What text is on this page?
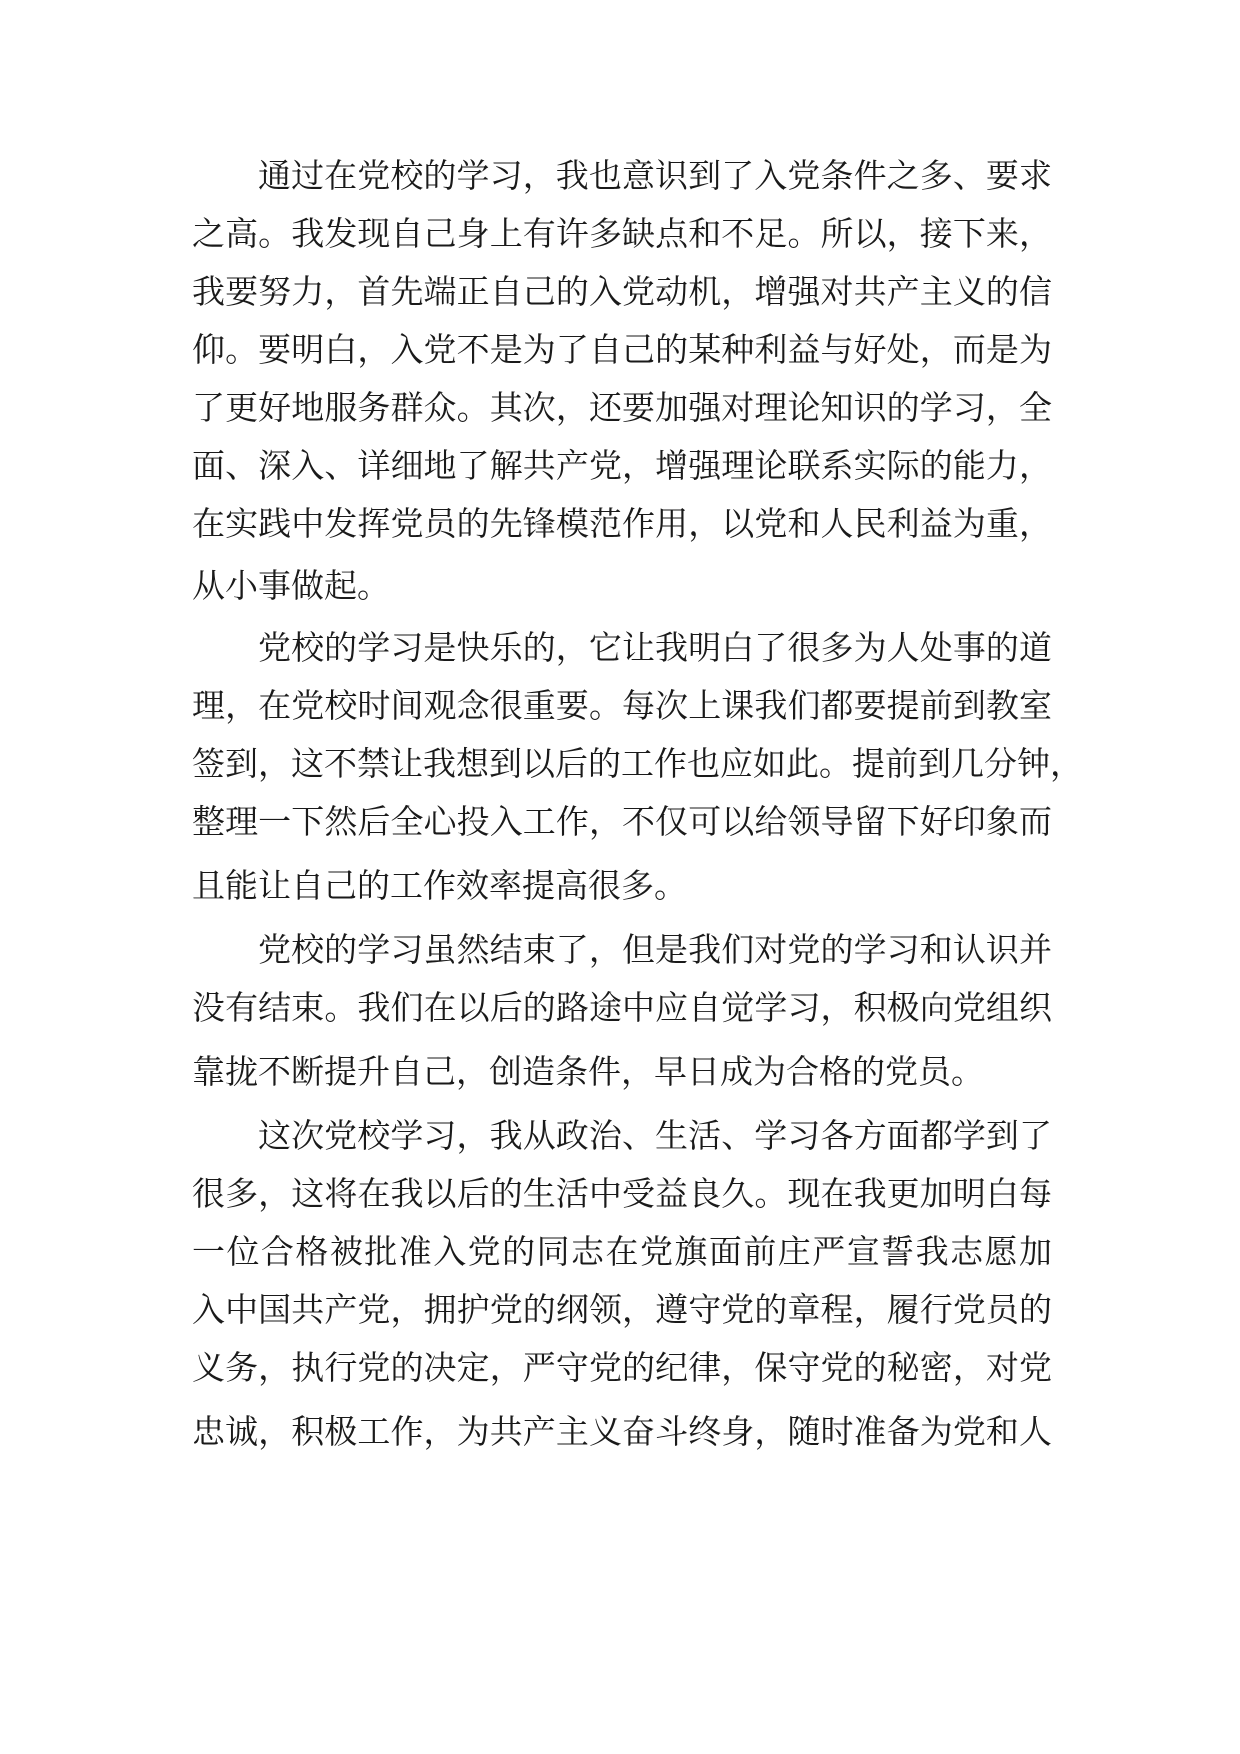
通过在党校的学习，我也意识到了入党条件之多、要求
之高。我发现自己身上有许多缺点和不足。所以，接下来，
我要努力，首先端正自己的入党动机，增强对共产主义的信
仰。要明白，入党不是为了自己的某种利益与好处，而是为
了更好地服务群众。其次，还要加强对理论知识的学习，全
面、深入、详细地了解共产党，增强理论联系实际的能力，
在实践中发挥党员的先锋模范作用，以党和人民利益为重，
从小事做起。
党校的学习是快乐的，它让我明白了很多为人处事的道
理，在党校时间观念很重要。每次上课我们都要提前到教室
签到，这不禁让我想到以后的工作也应如此。提前到几分钟，
整理一下然后全心投入工作，不仅可以给领导留下好印象而
且能让自己的工作效率提高很多。
党校的学习虽然结束了，但是我们对党的学习和认识并
没有结束。我们在以后的路途中应自觉学习，积极向党组织
靠拢不断提升自己，创造条件，早日成为合格的党员。
这次党校学习，我从政治、生活、学习各方面都学到了
很多，这将在我以后的生活中受益良久。现在我更加明白每
一位合格被批准入党的同志在党旗面前庄严宣誓我志愿加
入中国共产党，拥护党的纲领，遵守党的章程，履行党员的
义务，执行党的决定，严守党的纪律，保守党的秘密，对党
忠诚，积极工作，为共产主义奋斗终身，随时准备为党和人
